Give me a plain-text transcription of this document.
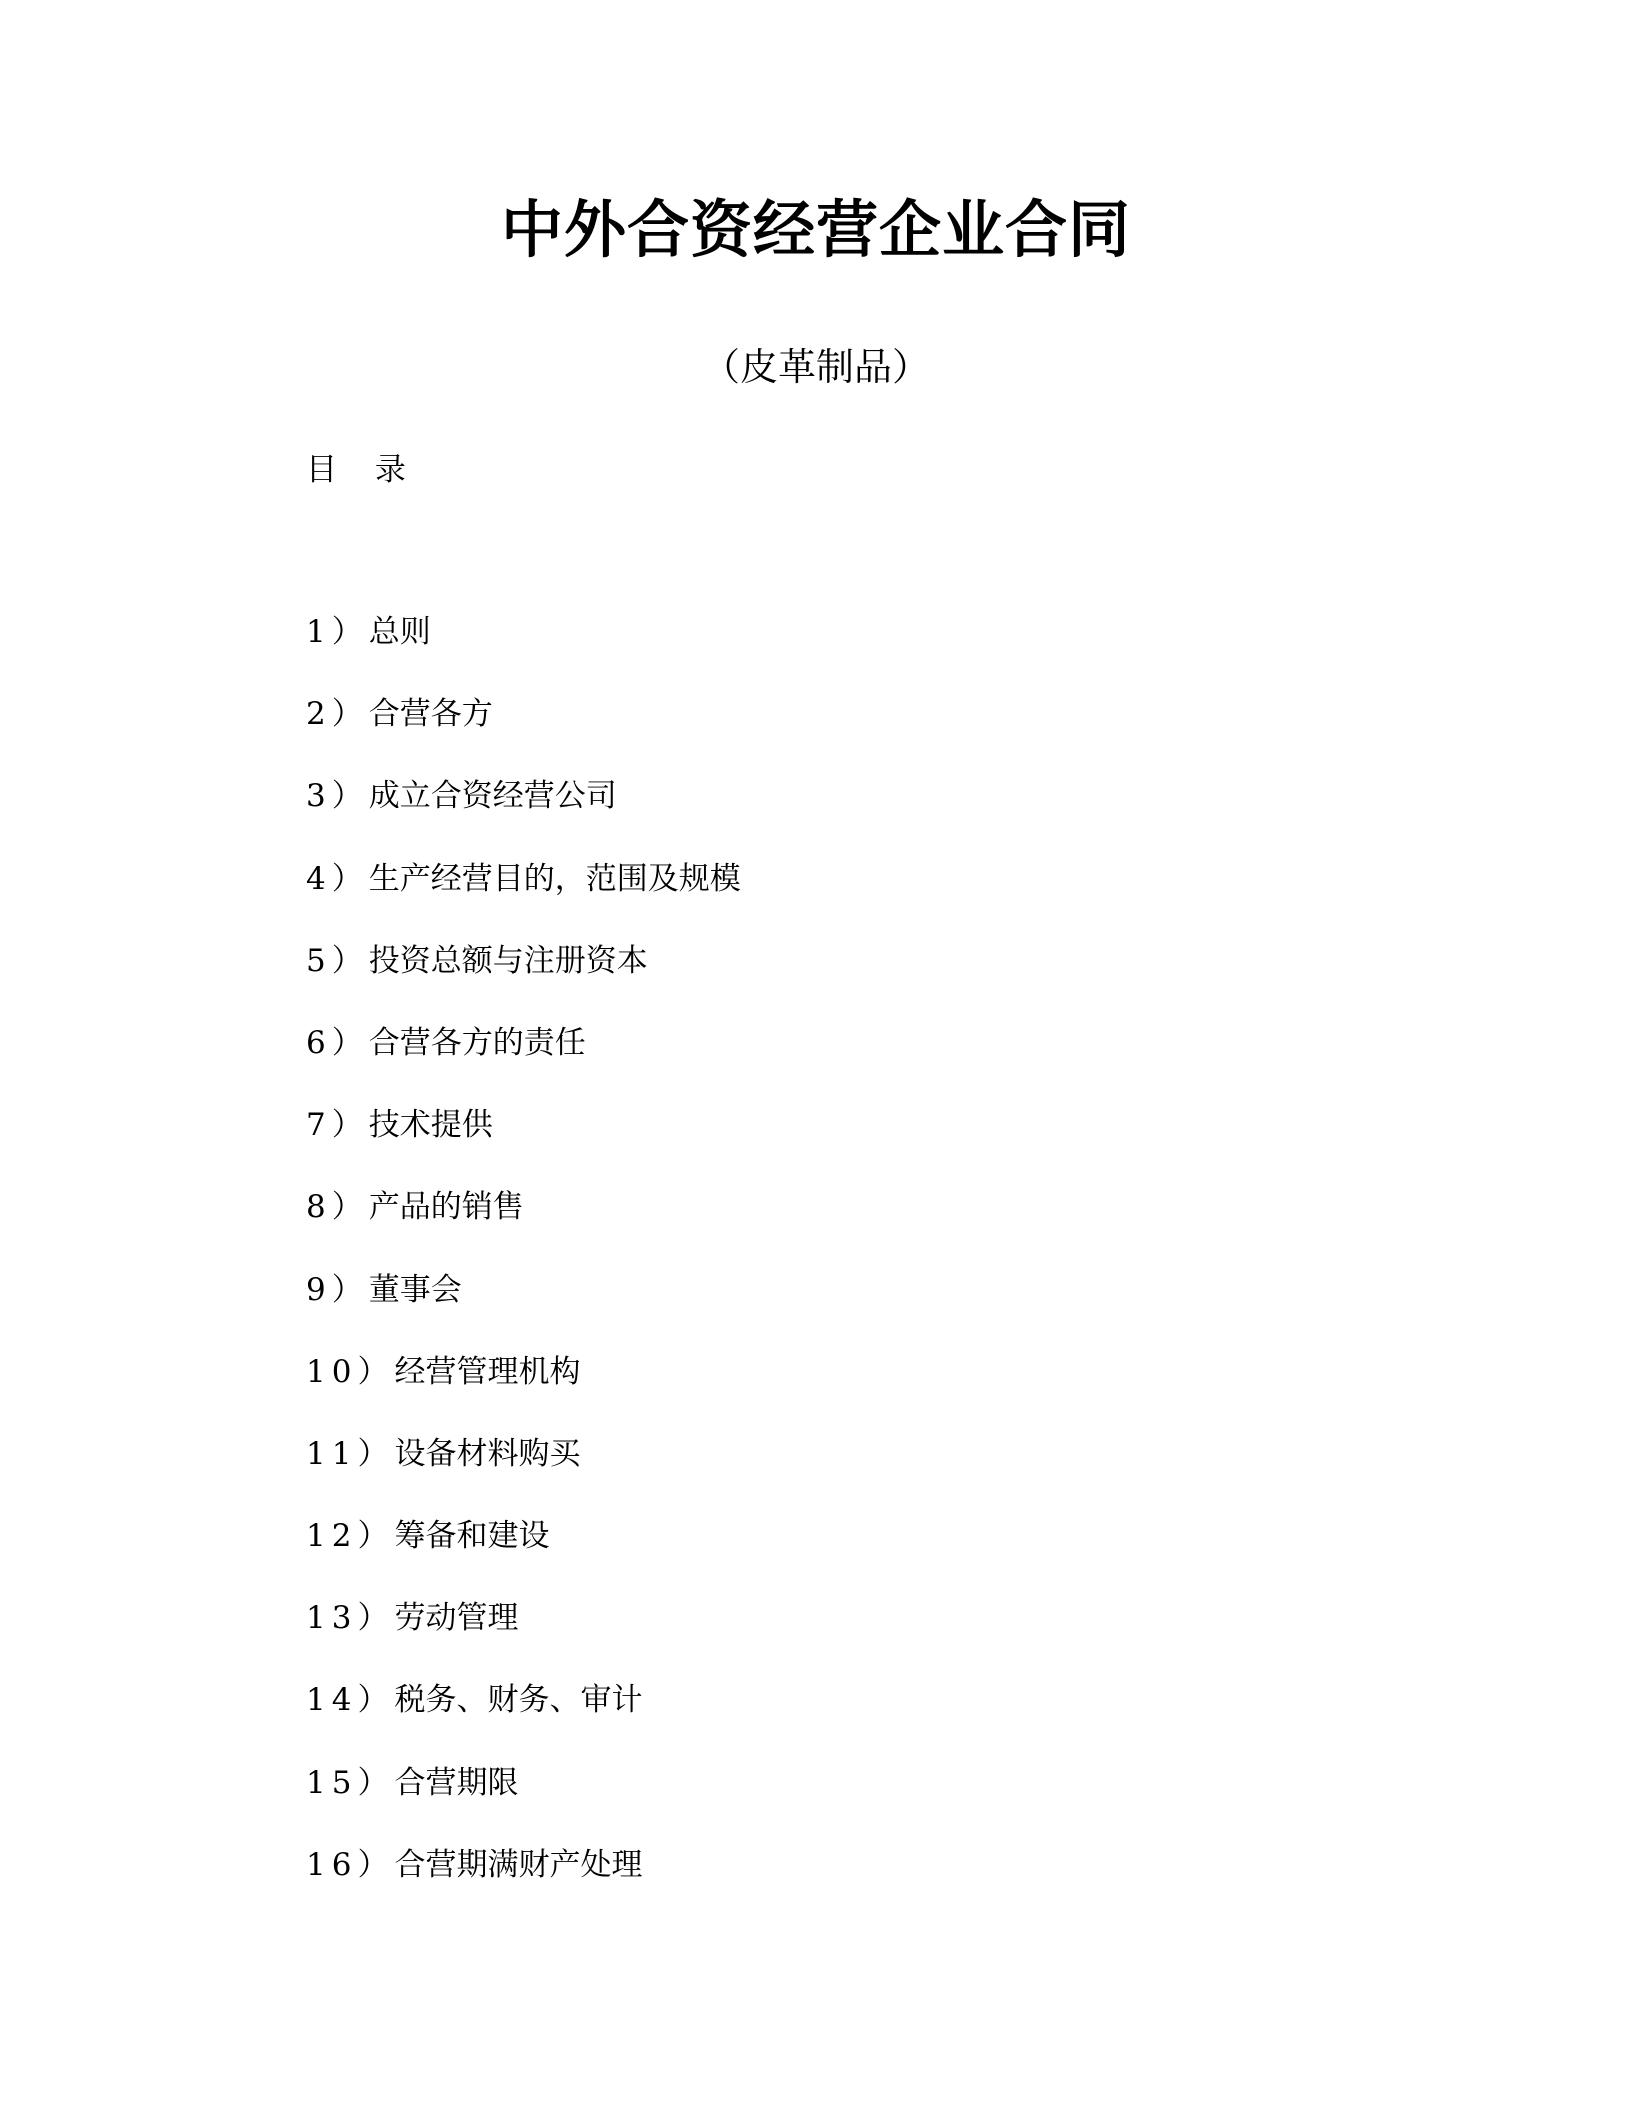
中外合资经营企业合同
（皮革制品）
目 录
1）总则
2）合营各方
3）成立合资经营公司
4）生产经营目的，范围及规模
5）投资总额与注册资本
6）合营各方的责任
7）技术提供
8）产品的销售
9）董事会
10）经营管理机构
11）设备材料购买
12）筹备和建设
13）劳动管理
14）税务、财务、审计
15）合营期限
16）合营期满财产处理
